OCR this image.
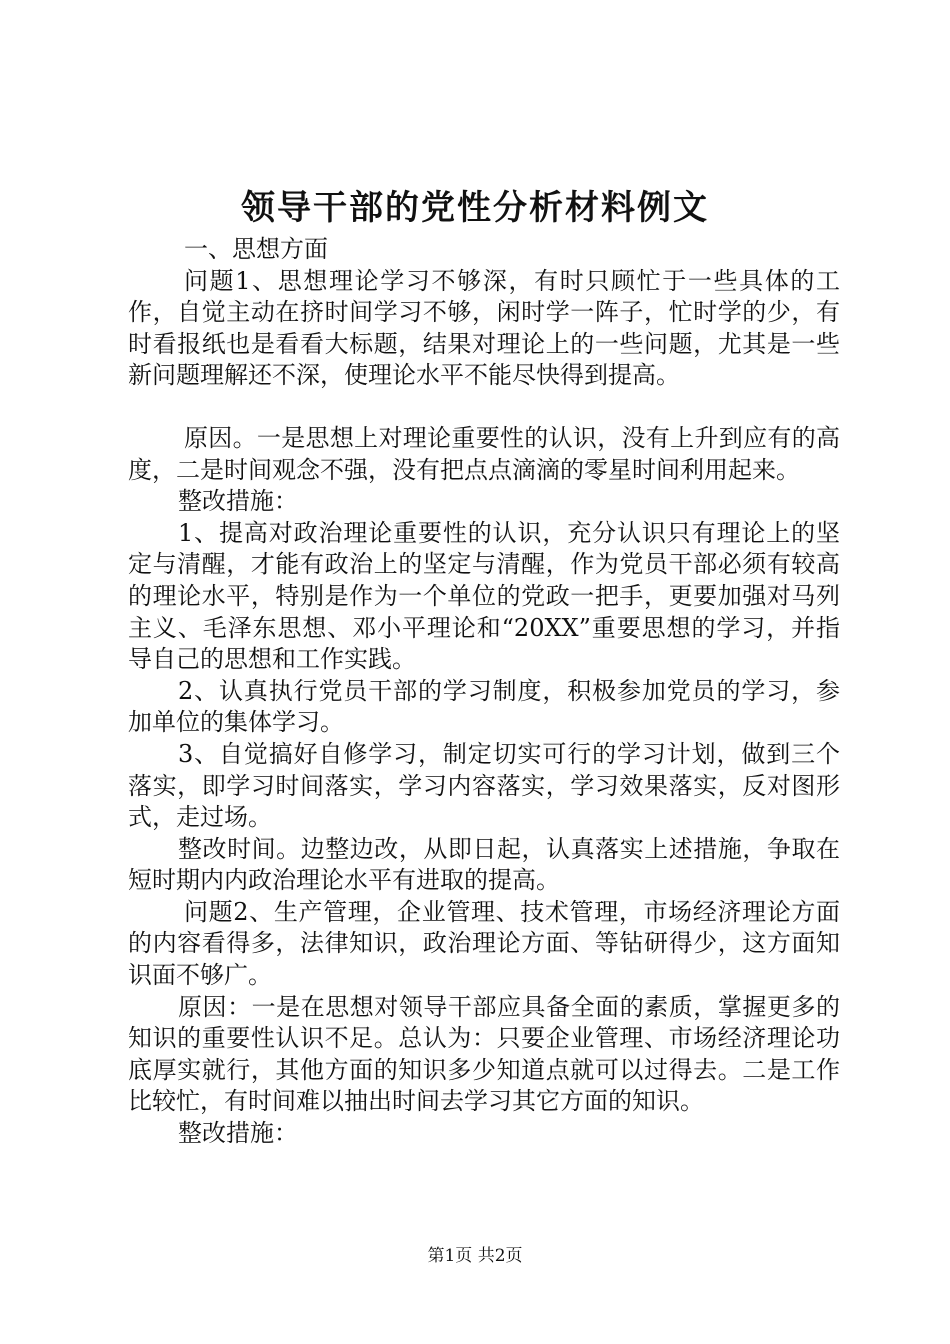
领导干部的党性分析材料例文

一、思想方面

问题1、思想理论学习不够深，有时只顾忙于一些具体的工作，自觉主动在挤时间学习不够，闲时学一阵子，忙时学的少，有时看报纸也是看看大标题，结果对理论上的一些问题，尤其是一些新问题理解还不深，使理论水平不能尽快得到提高。

原因。一是思想上对理论重要性的认识，没有上升到应有的高度，二是时间观念不强，没有把点点滴滴的零星时间利用起来。

整改措施：

1、提高对政治理论重要性的认识，充分认识只有理论上的坚定与清醒，才能有政治上的坚定与清醒，作为党员干部必须有较高的理论水平，特别是作为一个单位的党政一把手，更要加强对马列主义、毛泽东思想、邓小平理论和“20XX”重要思想的学习，并指导自己的思想和工作实践。

2、认真执行党员干部的学习制度，积极参加党员的学习，参加单位的集体学习。

3、自觉搞好自修学习，制定切实可行的学习计划，做到三个落实，即学习时间落实，学习内容落实，学习效果落实，反对图形式，走过场。

整改时间。边整边改，从即日起，认真落实上述措施，争取在短时期内内政治理论水平有进取的提高。

问题2、生产管理，企业管理、技术管理，市场经济理论方面的内容看得多，法律知识，政治理论方面、等钻研得少，这方面知识面不够广。

原因：一是在思想对领导干部应具备全面的素质，掌握更多的知识的重要性认识不足。总认为：只要企业管理、市场经济理论功底厚实就行，其他方面的知识多少知道点就可以过得去。二是工作比较忙，有时间难以抽出时间去学习其它方面的知识。

整改措施：

第1页 共2页
